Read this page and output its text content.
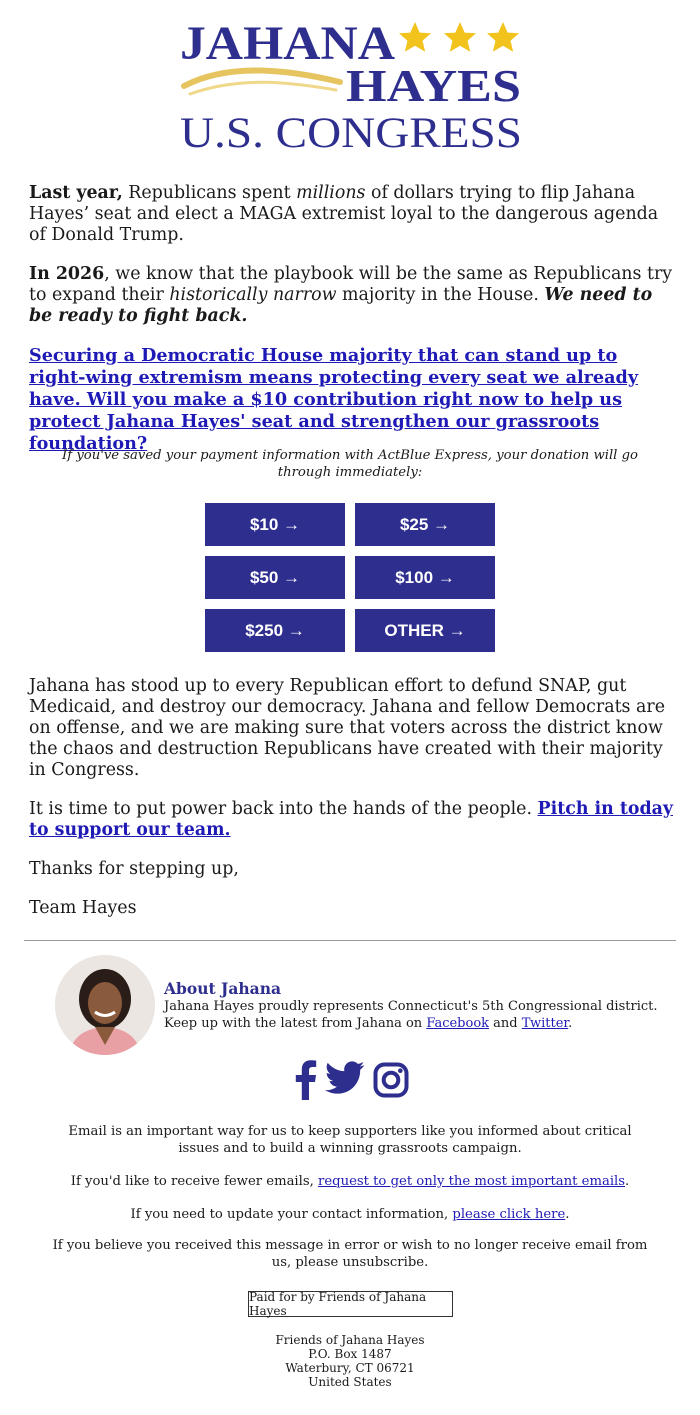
JAHANA
HAYES
U.S. CONGRESS

Last year, Republicans spent millions of dollars trying to flip Jahana Hayes’ seat and elect a MAGA extremist loyal to the dangerous agenda of Donald Trump.

In 2026, we know that the playbook will be the same as Republicans try to expand their historically narrow majority in the House. We need to be ready to fight back.

Securing a Democratic House majority that can stand up to right-wing extremism means protecting every seat we already have. Will you make a $10 contribution right now to help us protect Jahana Hayes' seat and strengthen our grassroots foundation?

If you've saved your payment information with ActBlue Express, your donation will go through immediately:
$10 →	$25 →
$50 →	$100 →
$250 →	OTHER →

Jahana has stood up to every Republican effort to defund SNAP, gut Medicaid, and destroy our democracy. Jahana and fellow Democrats are on offense, and we are making sure that voters across the district know the chaos and destruction Republicans have created with their majority in Congress.

It is time to put power back into the hands of the people. Pitch in today to support our team.

Thanks for stepping up,

Team Hayes

About Jahana
Jahana Hayes proudly represents Connecticut's 5th Congressional district.
Keep up with the latest from Jahana on Facebook and Twitter.
Email is an important way for us to keep supporters like you informed about critical issues and to build a winning grassroots campaign.
If you'd like to receive fewer emails, request to get only the most important emails.
If you need to update your contact information, please click here.
If you believe you received this message in error or wish to no longer receive email from us, please unsubscribe.
Paid for by Friends of Jahana Hayes
Friends of Jahana Hayes
P.O. Box 1487
Waterbury, CT 06721
United States
